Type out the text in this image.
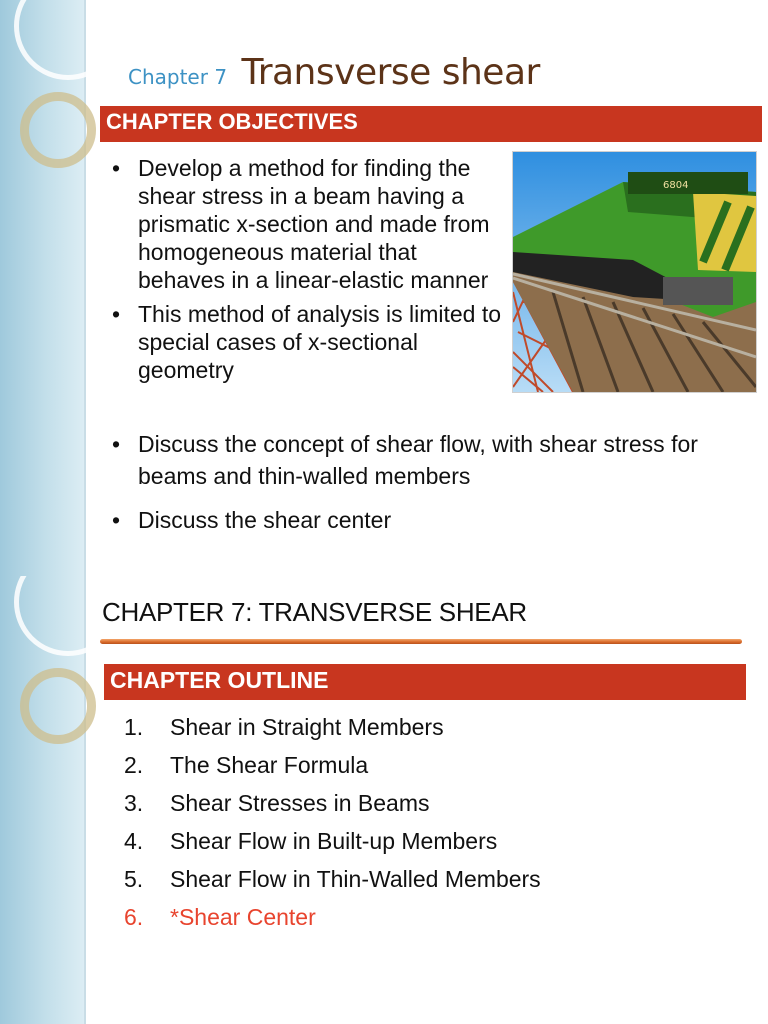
Chapter 7 Transverse shear
CHAPTER OBJECTIVES
• Develop a method for finding the shear stress in a beam having a prismatic x-section and made from homogeneous material that behaves in a linear-elastic manner
• This method of analysis is limited to special cases of x-sectional geometry
• Discuss the concept of shear flow, with shear stress for beams and thin-walled members
• Discuss the shear center
6804
CHAPTER 7: TRANSVERSE SHEAR
CHAPTER OUTLINE
1. Shear in Straight Members
2. The Shear Formula
3. Shear Stresses in Beams
4. Shear Flow in Built-up Members
5. Shear Flow in Thin-Walled Members
6. *Shear Center
